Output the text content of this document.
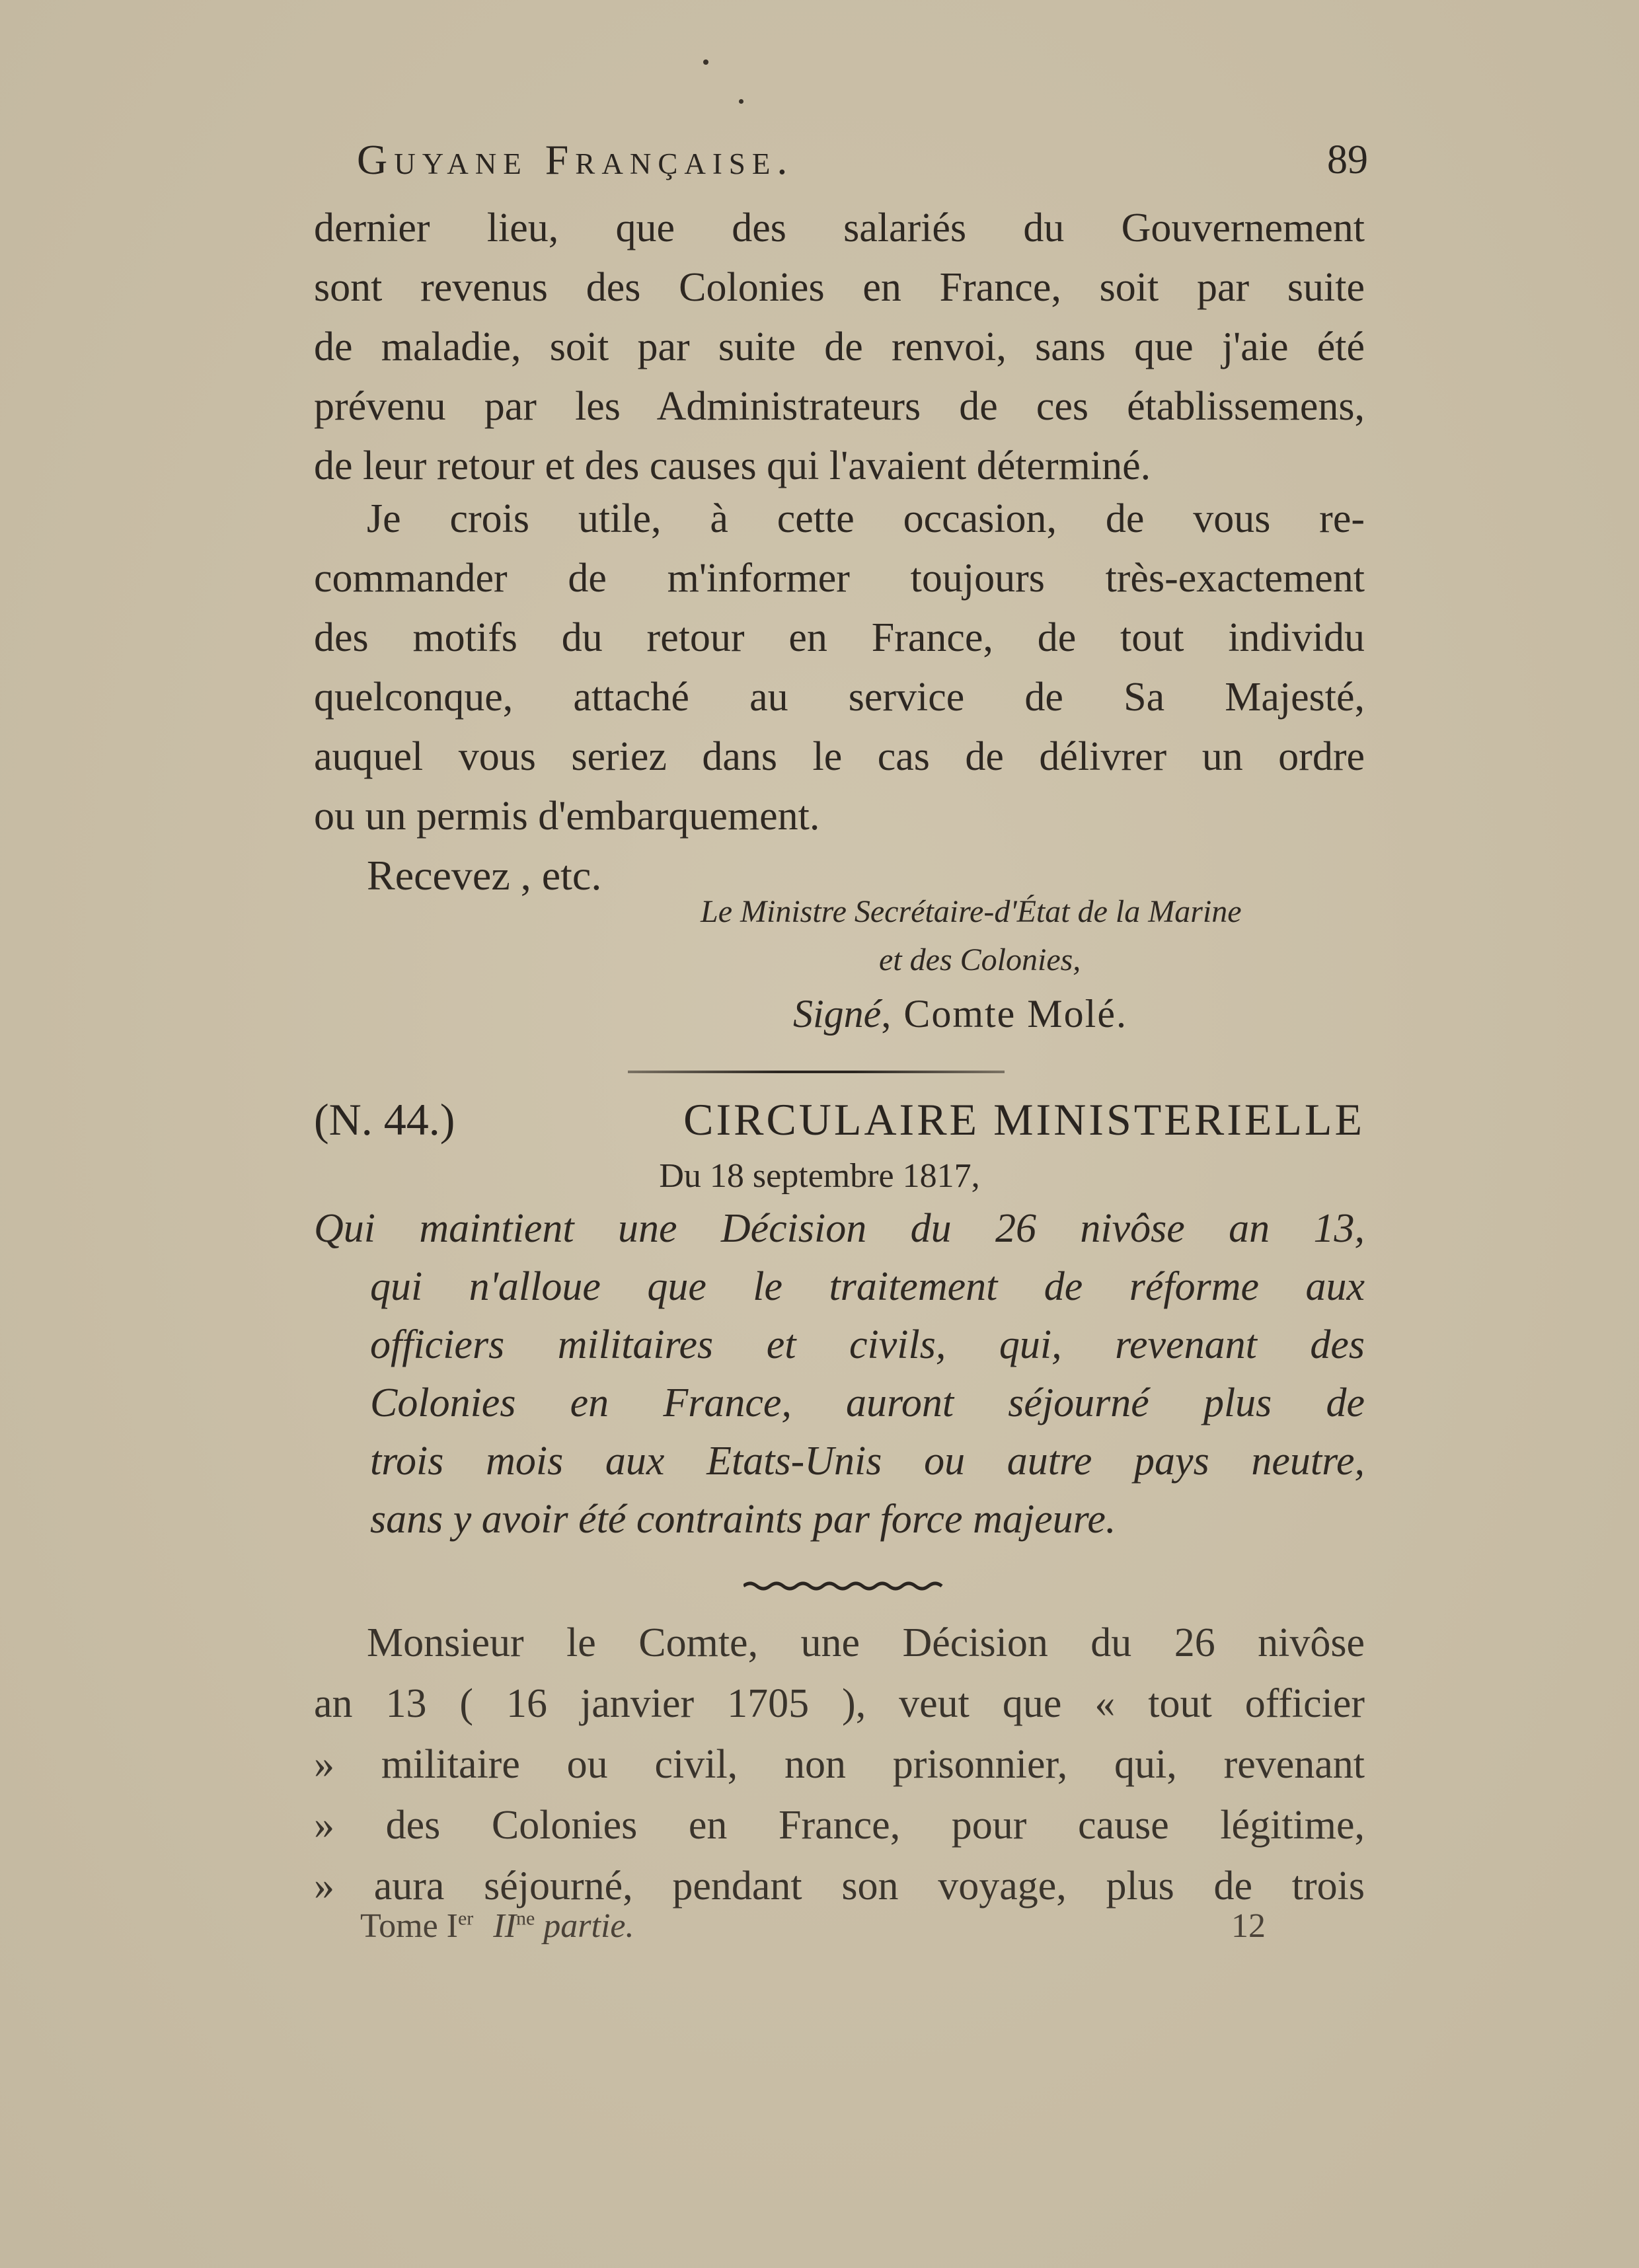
Guyane Française.	89
dernier lieu, que des salariés du Gouvernement
sont revenus des Colonies en France, soit par suite
de maladie, soit par suite de renvoi, sans que j'aie été
prévenu par les Administrateurs de ces établissemens,
de leur retour et des causes qui l'avaient déterminé.
Je crois utile, à cette occasion, de vous re-
commander de m'informer toujours très-exactement
des motifs du retour en France, de tout individu
quelconque, attaché au service de Sa Majesté,
auquel vous seriez dans le cas de délivrer un ordre
ou un permis d'embarquement.
Recevez , etc.
Le Ministre Secrétaire-d'État de la Marine
et des Colonies,
Signé, Comte Molé.
(N. 44.)	CIRCULAIRE MINISTERIELLE
Du 18 septembre 1817,
Qui maintient une Décision du 26 nivôse an 13,
qui n'alloue que le traitement de réforme aux
officiers militaires et civils, qui, revenant des
Colonies en France, auront séjourné plus de
trois mois aux Etats-Unis ou autre pays neutre,
sans y avoir été contraints par force majeure.
Monsieur le Comte, une Décision du 26 nivôse
an 13 ( 16 janvier 1705 ), veut que « tout officier
» militaire ou civil, non prisonnier, qui, revenant
» des Colonies en France, pour cause légitime,
» aura séjourné, pendant son voyage, plus de trois
Tome Ier $II^{ne}$ partie.	12
